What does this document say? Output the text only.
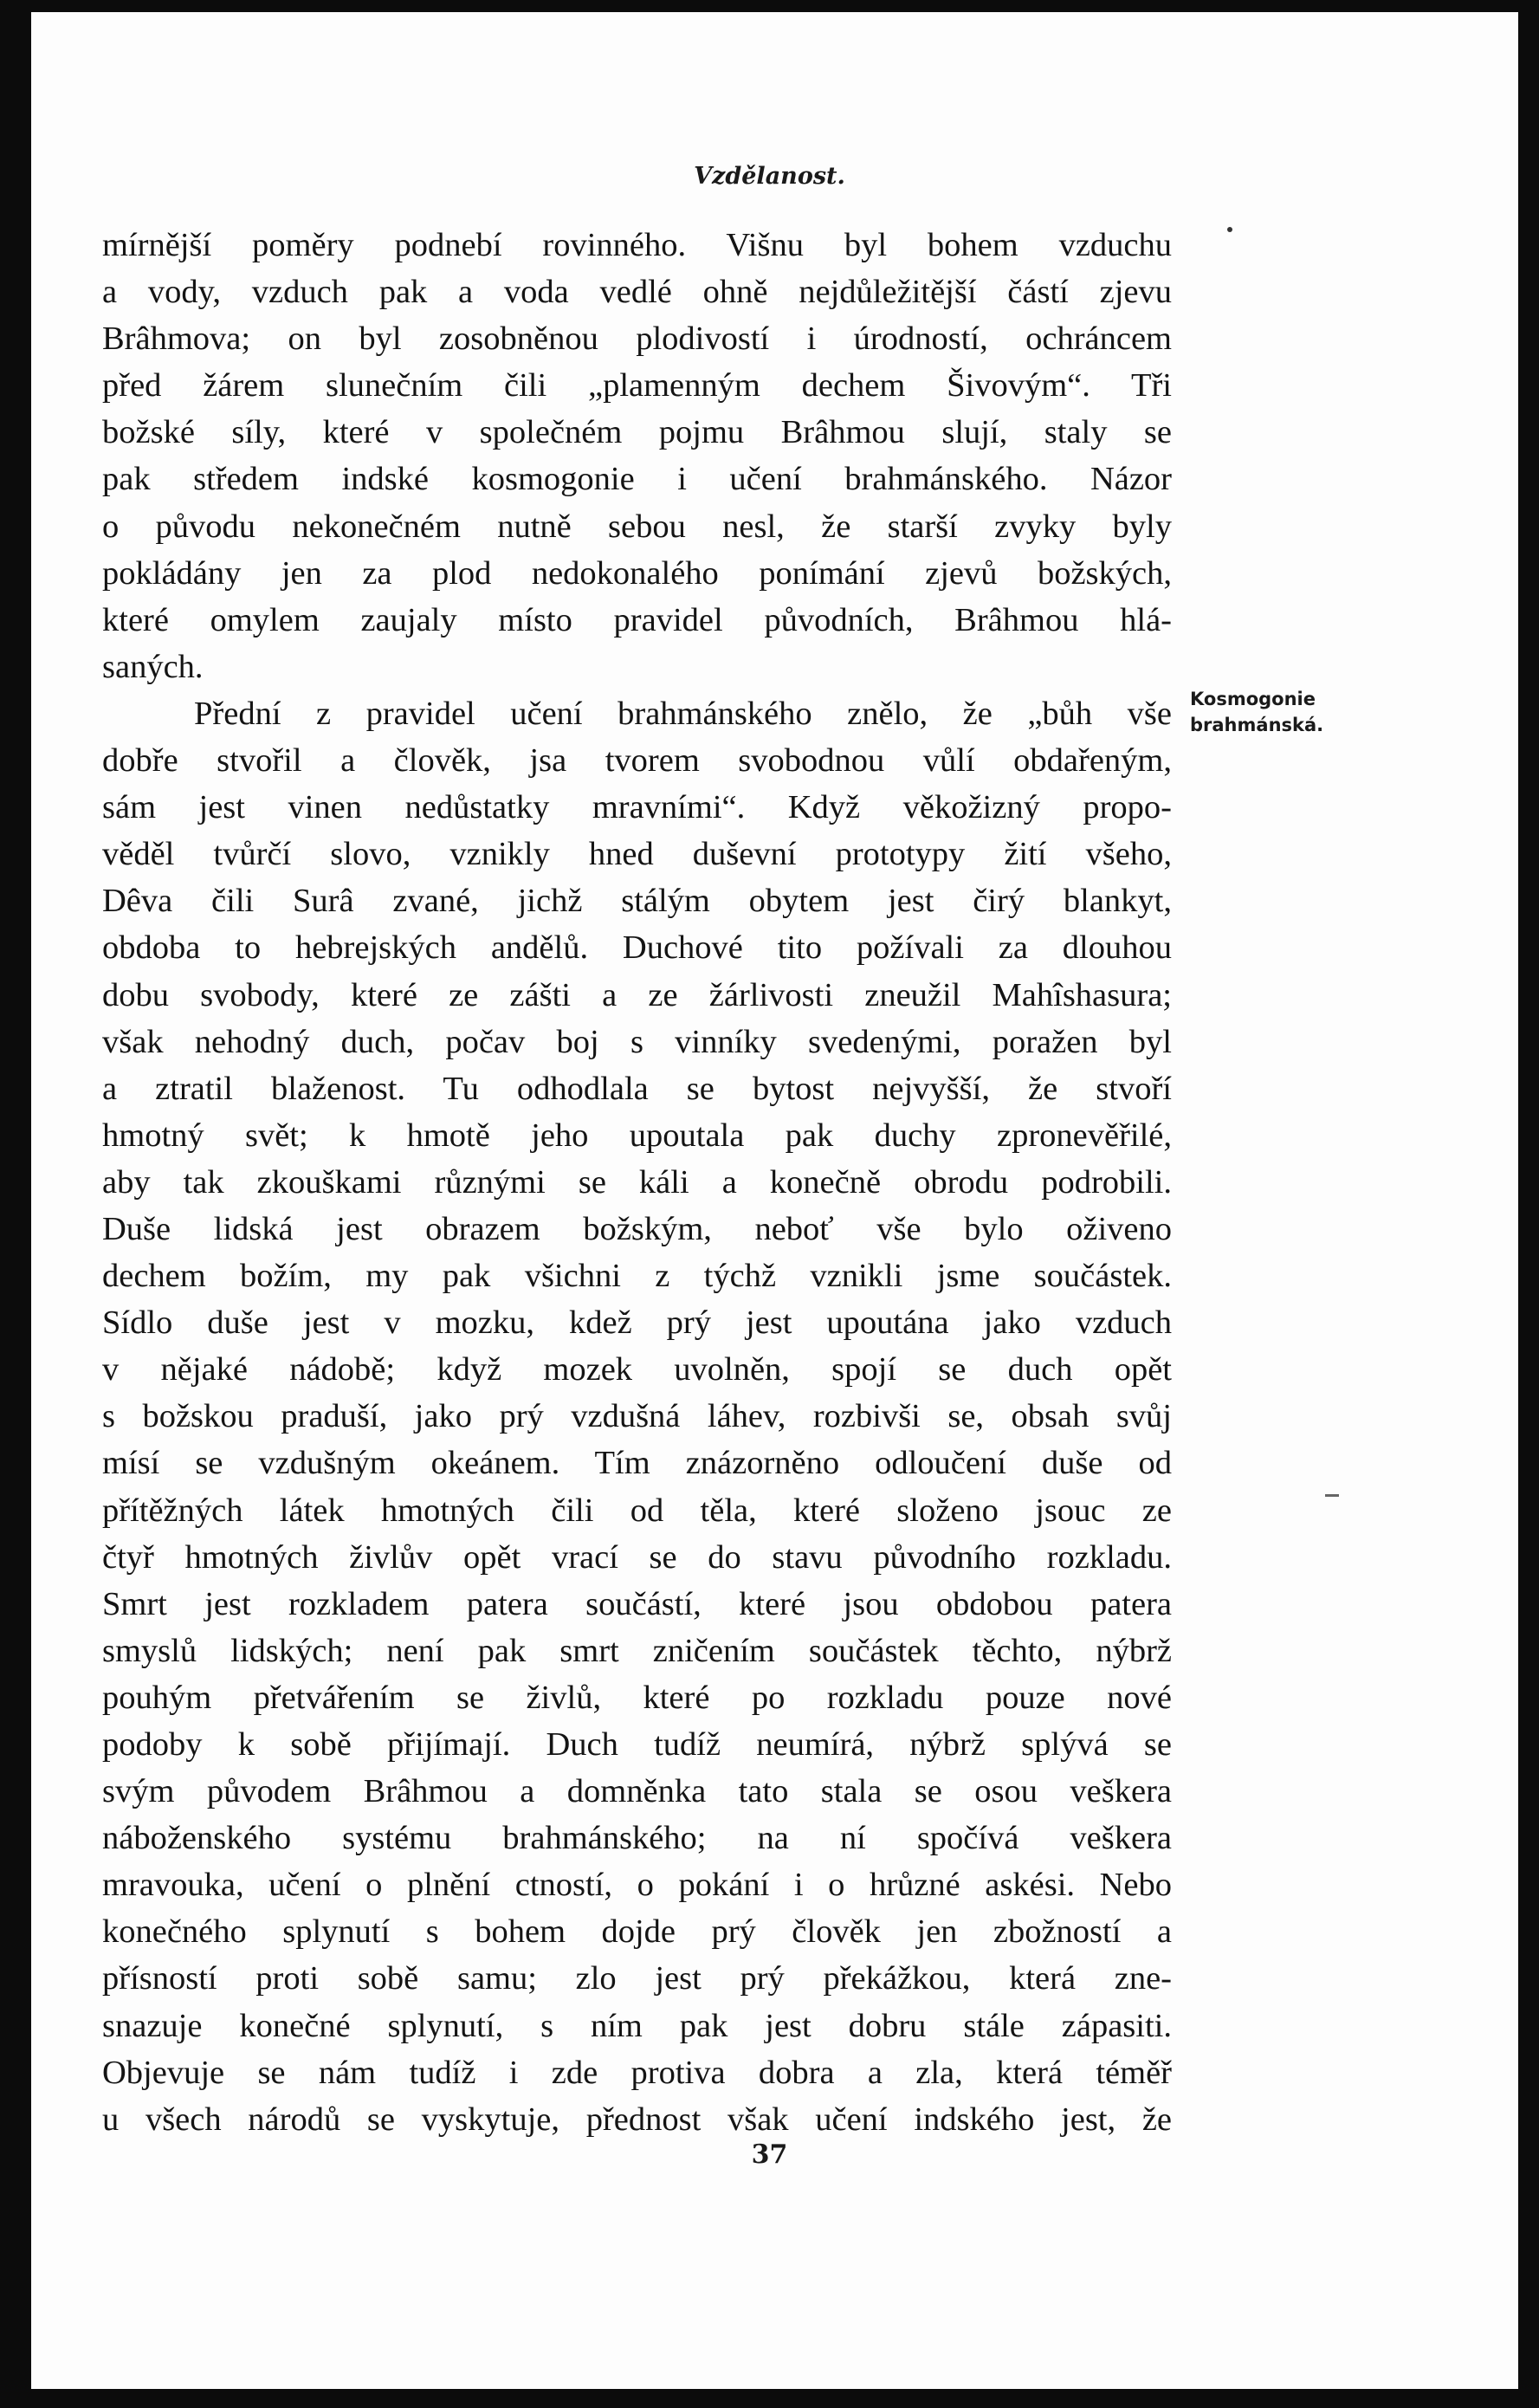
Vzdělanost.
mírnější poměry podnebí rovinného. Višnu byl bohem vzduchu
a vody, vzduch pak a voda vedlé ohně nejdůležitější částí zjevu
Brâhmova; on byl zosobněnou plodivostí i úrodností, ochráncem
před žárem slunečním čili „plamenným dechem Šivovým“. Tři
božské síly, které v společném pojmu Brâhmou slují, staly se
pak středem indské kosmogonie i učení brahmánského. Názor
o původu nekonečném nutně sebou nesl, že starší zvyky byly
pokládány jen za plod nedokonalého ponímání zjevů božských,
které omylem zaujaly místo pravidel původních, Brâhmou hlá-
saných.
Přední z pravidel učení brahmánského znělo, že „bůh vše
dobře stvořil a člověk, jsa tvorem svobodnou vůlí obdařeným,
sám jest vinen nedůstatky mravními“. Když věkožizný propo-
věděl tvůrčí slovo, vznikly hned duševní prototypy žití všeho,
Dêva čili Surâ zvané, jichž stálým obytem jest čirý blankyt,
obdoba to hebrejských andělů. Duchové tito požívali za dlouhou
dobu svobody, které ze zášti a ze žárlivosti zneužil Mahîshasura;
však nehodný duch, počav boj s vinníky svedenými, poražen byl
a ztratil blaženost. Tu odhodlala se bytost nejvyšší, že stvoří
hmotný svět; k hmotě jeho upoutala pak duchy zpronevěřilé,
aby tak zkouškami různými se káli a konečně obrodu podrobili.
Duše lidská jest obrazem božským, neboť vše bylo oživeno
dechem božím, my pak všichni z týchž vznikli jsme součástek.
Sídlo duše jest v mozku, kdež prý jest upoutána jako vzduch
v nějaké nádobě; když mozek uvolněn, spojí se duch opět
s božskou praduší, jako prý vzdušná láhev, rozbivši se, obsah svůj
mísí se vzdušným okeánem. Tím znázorněno odloučení duše od
přítěžných látek hmotných čili od těla, které složeno jsouc ze
čtyř hmotných živlův opět vrací se do stavu původního rozkladu.
Smrt jest rozkladem patera součástí, které jsou obdobou patera
smyslů lidských; není pak smrt zničením součástek těchto, nýbrž
pouhým přetvářením se živlů, které po rozkladu pouze nové
podoby k sobě přijímají. Duch tudíž neumírá, nýbrž splývá se
svým původem Brâhmou a domněnka tato stala se osou veškera
náboženského systému brahmánského; na ní spočívá veškera
mravouka, učení o plnění ctností, o pokání i o hrůzné askési. Nebo
konečného splynutí s bohem dojde prý člověk jen zbožností a
přísností proti sobě samu; zlo jest prý překážkou, která zne-
snazuje konečné splynutí, s ním pak jest dobru stále zápasiti.
Objevuje se nám tudíž i zde protiva dobra a zla, která téměř
u všech národů se vyskytuje, přednost však učení indského jest, že
Kosmogonie
brahmánská.
37
